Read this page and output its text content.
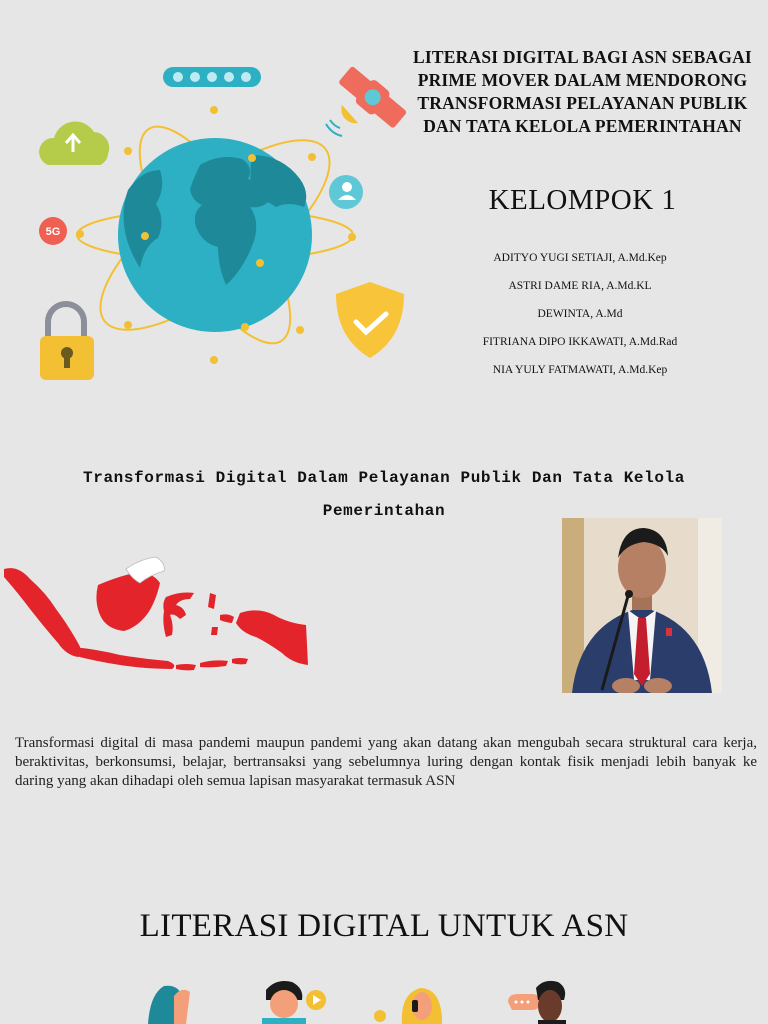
5G
LITERASI DIGITAL BAGI ASN SEBAGAI PRIME MOVER DALAM MENDORONG TRANSFORMASI PELAYANAN PUBLIK DAN TATA KELOLA PEMERINTAHAN
KELOMPOK 1
ADITYO YUGI SETIAJI, A.Md.Kep
ASTRI DAME RIA, A.Md.KL
DEWINTA, A.Md
FITRIANA DIPO IKKAWATI, A.Md.Rad
NIA YULY FATMAWATI, A.Md.Kep
Transformasi Digital Dalam Pelayanan Publik Dan Tata Kelola Pemerintahan

Transformasi digital di masa pandemi maupun pandemi yang akan datang akan mengubah secara struktural cara kerja, beraktivitas, berkonsumsi, belajar, bertransaksi yang sebelumnya luring dengan kontak fisik menjadi lebih banyak ke daring yang akan dihadapi oleh semua lapisan masyarakat termasuk ASN

LITERASI DIGITAL UNTUK ASN
